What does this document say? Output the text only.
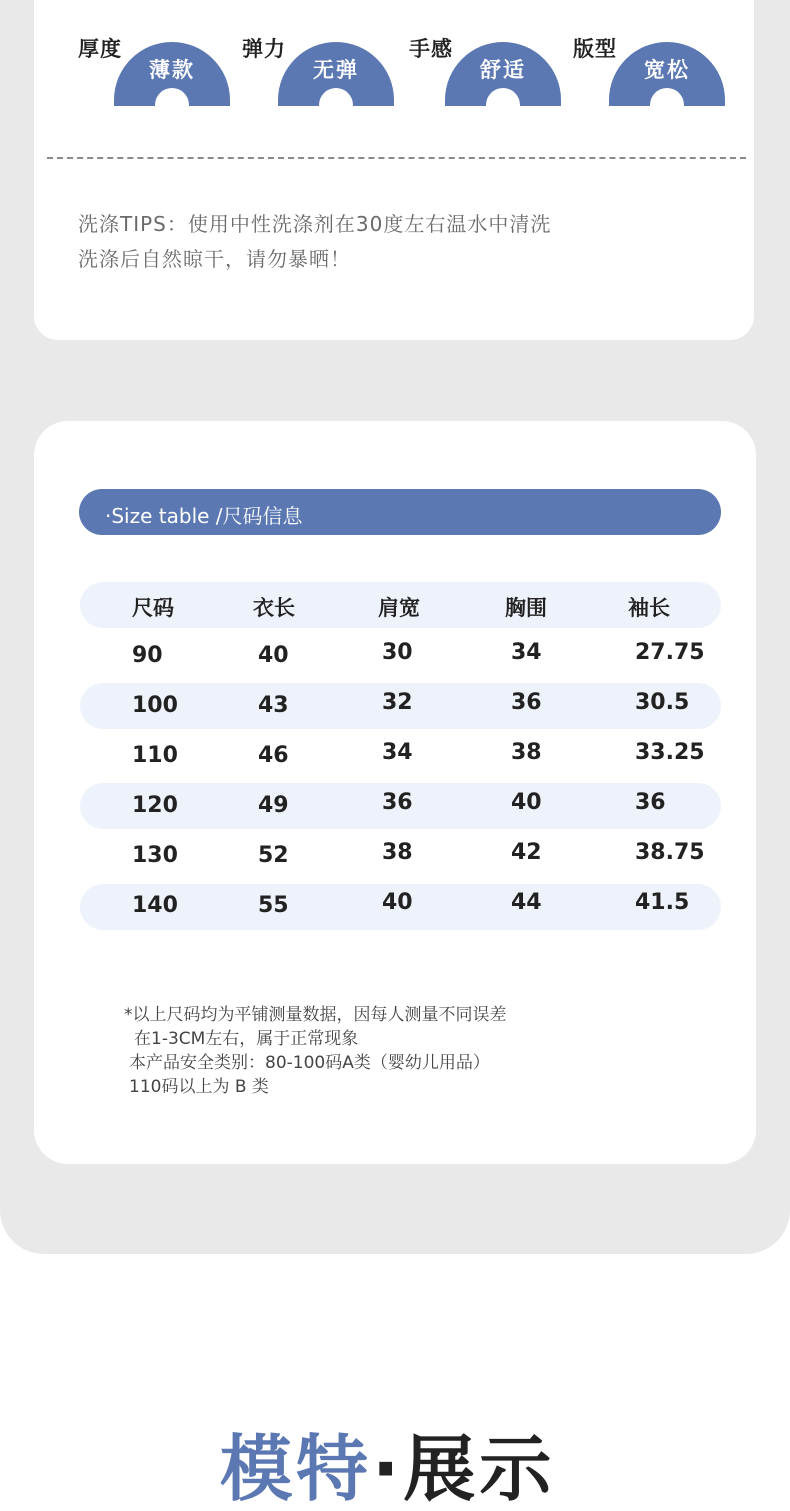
厚度
薄款
弹力
无弹
手感
舒适
版型
宽松
洗涤TIPS：使用中性洗涤剂在30度左右温水中清洗
洗涤后自然晾干，请勿暴晒！
·Size table /尺码信息
尺码	衣长	肩宽	胸围	袖长
90	40	30	34	27.75
100	43	32	36	30.5
110	46	34	38	33.25
120	49	36	40	36
130	52	38	42	38.75
140	55	40	44	41.5
*以上尺码均为平铺测量数据，因每人测量不同误差
在1-3CM左右，属于正常现象
本产品安全类别：80-100码A类（婴幼儿用品）
110码以上为 B 类
模特·展示
